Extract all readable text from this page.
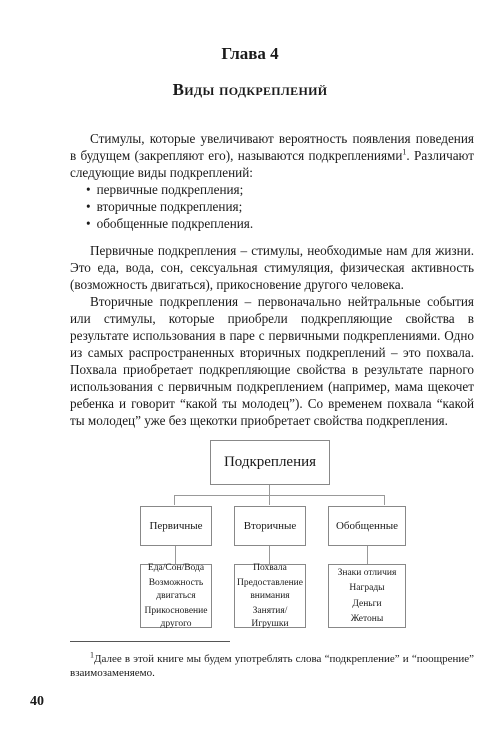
Глава 4
Виды подкреплений

Стимулы, которые увеличивают вероятность появления поведения в будущем (закрепляют его), называются подкреплениями$^1$. Различают следующие виды подкреплений:

• первичные подкрепления;
• вторичные подкрепления;
• обобщенные подкрепления.

Первичные подкрепления – стимулы, необходимые нам для жизни. Это еда, вода, сон, сексуальная стимуляция, физическая активность (возможность двигаться), прикосновение другого человека.

Вторичные подкрепления – первоначально нейтральные события или стимулы, которые приобрели подкрепляющие свойства в результате использования в паре с первичными подкреплениями. Одно из самых распространенных вторичных подкреплений – это похвала. Похвала приобретает подкрепляющие свойства в результате парного использования с первичным подкреплением (например, мама щекочет ребенка и говорит “какой ты молодец”). Со временем похвала “какой ты молодец” уже без щекотки приобретает свойства подкрепления.

Подкрепления
Первичные	Вторичные	Обобщенные
Еда/Сон/Вода
Возможность двигаться
Прикосновение другого
Похвала
Предоставление внимания
Занятия/ Игрушки
Знаки отличия
Награды
Деньги
Жетоны
$^1$Далее в этой книге мы будем употреблять слова “подкрепление” и “поощрение” взаимозаменяемо.
40
